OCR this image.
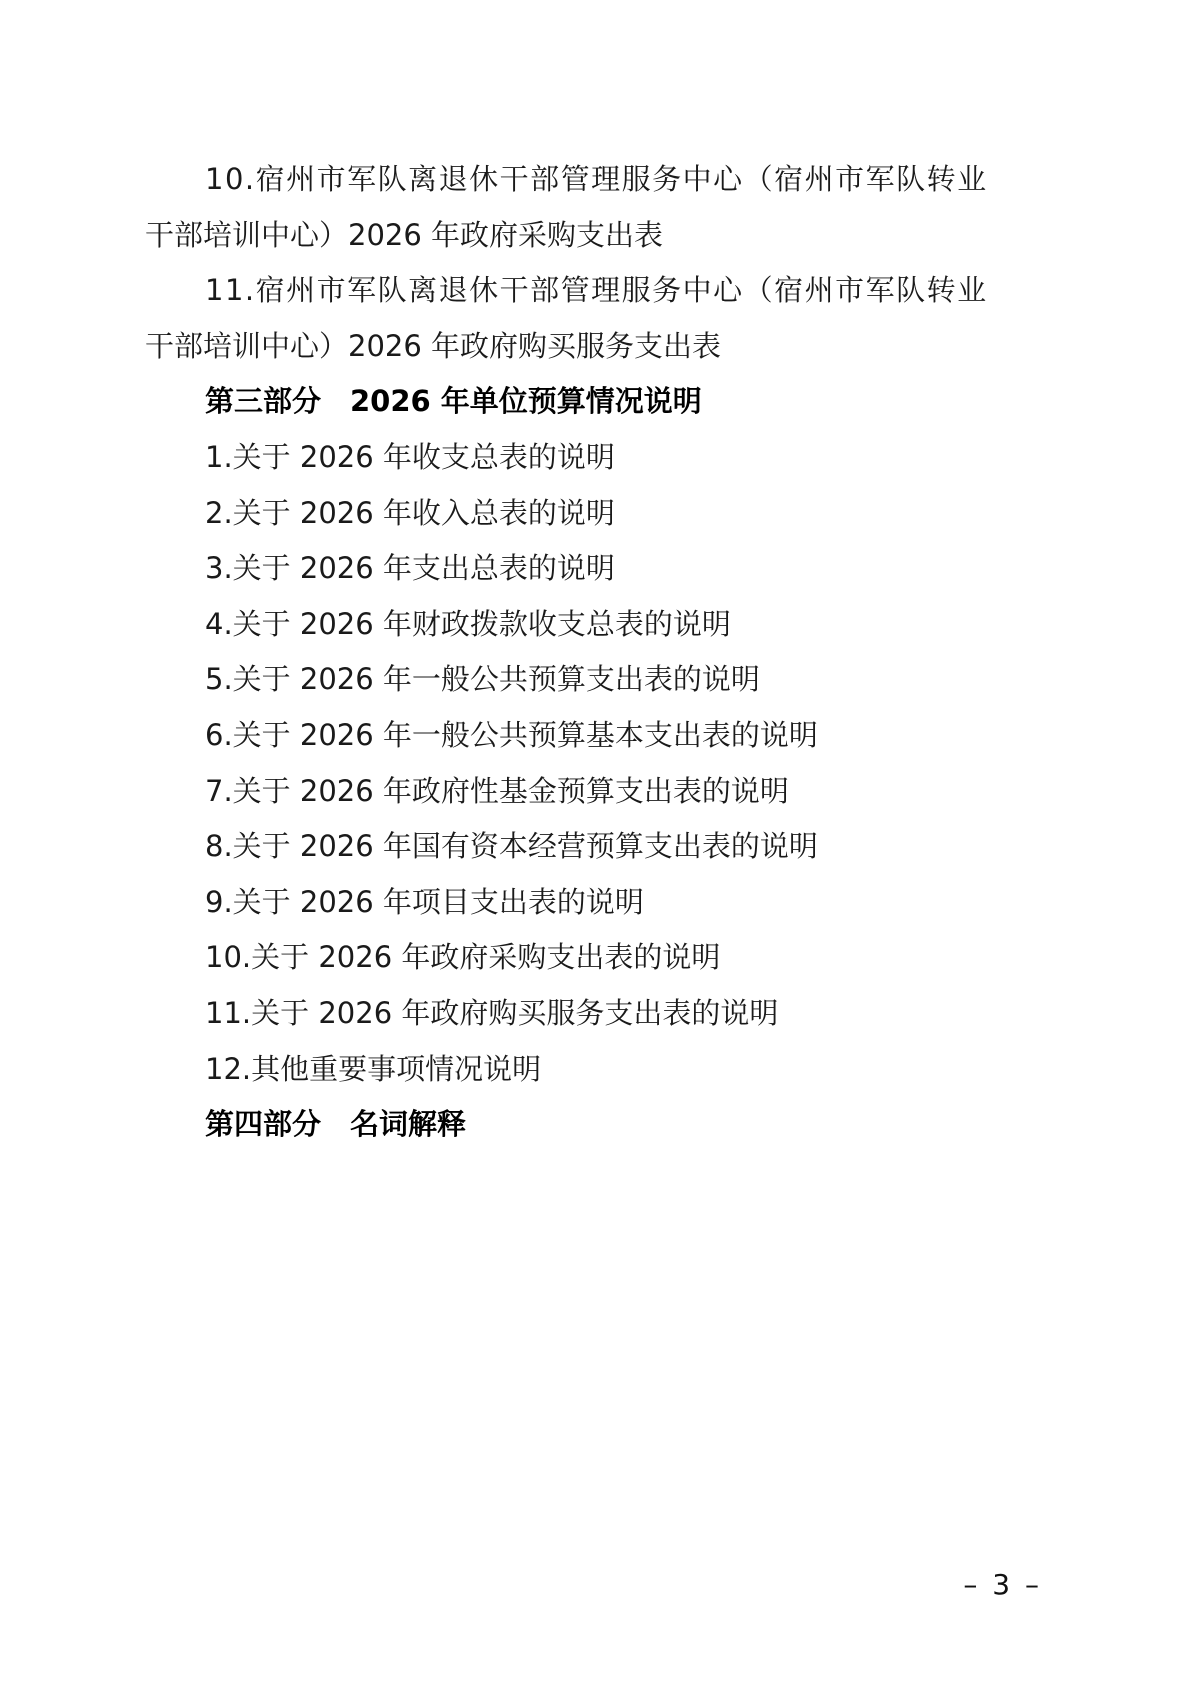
10.宿州市军队离退休干部管理服务中心（宿州市军队转业
干部培训中心）2026 年政府采购支出表
11.宿州市军队离退休干部管理服务中心（宿州市军队转业
干部培训中心）2026 年政府购买服务支出表
第三部分　2026 年单位预算情况说明
1.关于 2026 年收支总表的说明
2.关于 2026 年收入总表的说明
3.关于 2026 年支出总表的说明
4.关于 2026 年财政拨款收支总表的说明
5.关于 2026 年一般公共预算支出表的说明
6.关于 2026 年一般公共预算基本支出表的说明
7.关于 2026 年政府性基金预算支出表的说明
8.关于 2026 年国有资本经营预算支出表的说明
9.关于 2026 年项目支出表的说明
10.关于 2026 年政府采购支出表的说明
11.关于 2026 年政府购买服务支出表的说明
12.其他重要事项情况说明
第四部分　名词解释
– 3 –
